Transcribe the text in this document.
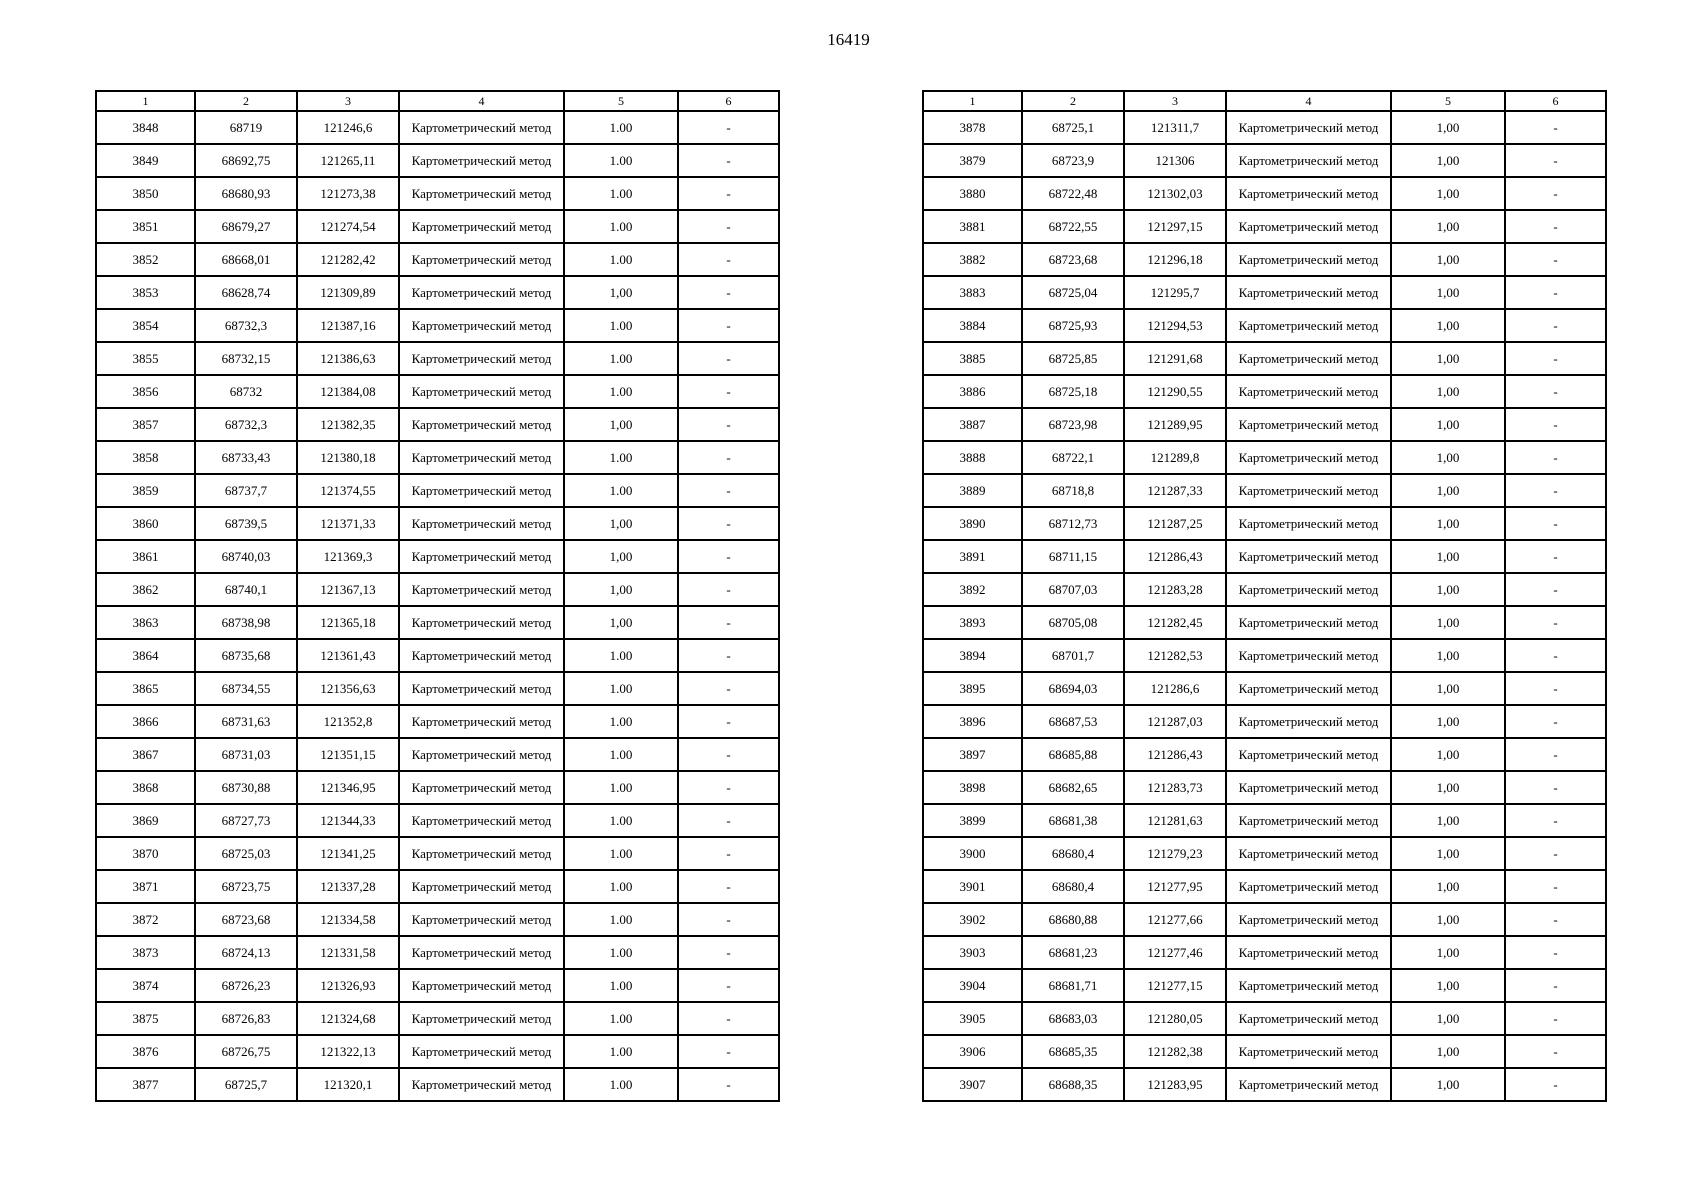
16419
1	2	3	4	5	6
3848	68719	121246,6	Картометрический метод	1.00	-
3849	68692,75	121265,11	Картометрический метод	1.00	-
3850	68680,93	121273,38	Картометрический метод	1.00	-
3851	68679,27	121274,54	Картометрический метод	1.00	-
3852	68668,01	121282,42	Картометрический метод	1.00	-
3853	68628,74	121309,89	Картометрический метод	1,00	-
3854	68732,3	121387,16	Картометрический метод	1.00	-
3855	68732,15	121386,63	Картометрический метод	1.00	-
3856	68732	121384,08	Картометрический метод	1.00	-
3857	68732,3	121382,35	Картометрический метод	1,00	-
3858	68733,43	121380,18	Картометрический метод	1.00	-
3859	68737,7	121374,55	Картометрический метод	1.00	-
3860	68739,5	121371,33	Картометрический метод	1,00	-
3861	68740,03	121369,3	Картометрический метод	1,00	-
3862	68740,1	121367,13	Картометрический метод	1,00	-
3863	68738,98	121365,18	Картометрический метод	1,00	-
3864	68735,68	121361,43	Картометрический метод	1.00	-
3865	68734,55	121356,63	Картометрический метод	1.00	-
3866	68731,63	121352,8	Картометрический метод	1.00	-
3867	68731,03	121351,15	Картометрический метод	1.00	-
3868	68730,88	121346,95	Картометрический метод	1.00	-
3869	68727,73	121344,33	Картометрический метод	1.00	-
3870	68725,03	121341,25	Картометрический метод	1.00	-
3871	68723,75	121337,28	Картометрический метод	1.00	-
3872	68723,68	121334,58	Картометрический метод	1.00	-
3873	68724,13	121331,58	Картометрический метод	1.00	-
3874	68726,23	121326,93	Картометрический метод	1.00	-
3875	68726,83	121324,68	Картометрический метод	1.00	-
3876	68726,75	121322,13	Картометрический метод	1.00	-
3877	68725,7	121320,1	Картометрический метод	1.00	-
1	2	3	4	5	6
3878	68725,1	121311,7	Картометрический метод	1,00	-
3879	68723,9	121306	Картометрический метод	1,00	-
3880	68722,48	121302,03	Картометрический метод	1,00	-
3881	68722,55	121297,15	Картометрический метод	1,00	-
3882	68723,68	121296,18	Картометрический метод	1,00	-
3883	68725,04	121295,7	Картометрический метод	1,00	-
3884	68725,93	121294,53	Картометрический метод	1,00	-
3885	68725,85	121291,68	Картометрический метод	1,00	-
3886	68725,18	121290,55	Картометрический метод	1,00	-
3887	68723,98	121289,95	Картометрический метод	1,00	-
3888	68722,1	121289,8	Картометрический метод	1,00	-
3889	68718,8	121287,33	Картометрический метод	1,00	-
3890	68712,73	121287,25	Картометрический метод	1,00	-
3891	68711,15	121286,43	Картометрический метод	1,00	-
3892	68707,03	121283,28	Картометрический метод	1,00	-
3893	68705,08	121282,45	Картометрический метод	1,00	-
3894	68701,7	121282,53	Картометрический метод	1,00	-
3895	68694,03	121286,6	Картометрический метод	1,00	-
3896	68687,53	121287,03	Картометрический метод	1,00	-
3897	68685,88	121286,43	Картометрический метод	1,00	-
3898	68682,65	121283,73	Картометрический метод	1,00	-
3899	68681,38	121281,63	Картометрический метод	1,00	-
3900	68680,4	121279,23	Картометрический метод	1,00	-
3901	68680,4	121277,95	Картометрический метод	1,00	-
3902	68680,88	121277,66	Картометрический метод	1,00	-
3903	68681,23	121277,46	Картометрический метод	1,00	-
3904	68681,71	121277,15	Картометрический метод	1,00	-
3905	68683,03	121280,05	Картометрический метод	1,00	-
3906	68685,35	121282,38	Картометрический метод	1,00	-
3907	68688,35	121283,95	Картометрический метод	1,00	-
